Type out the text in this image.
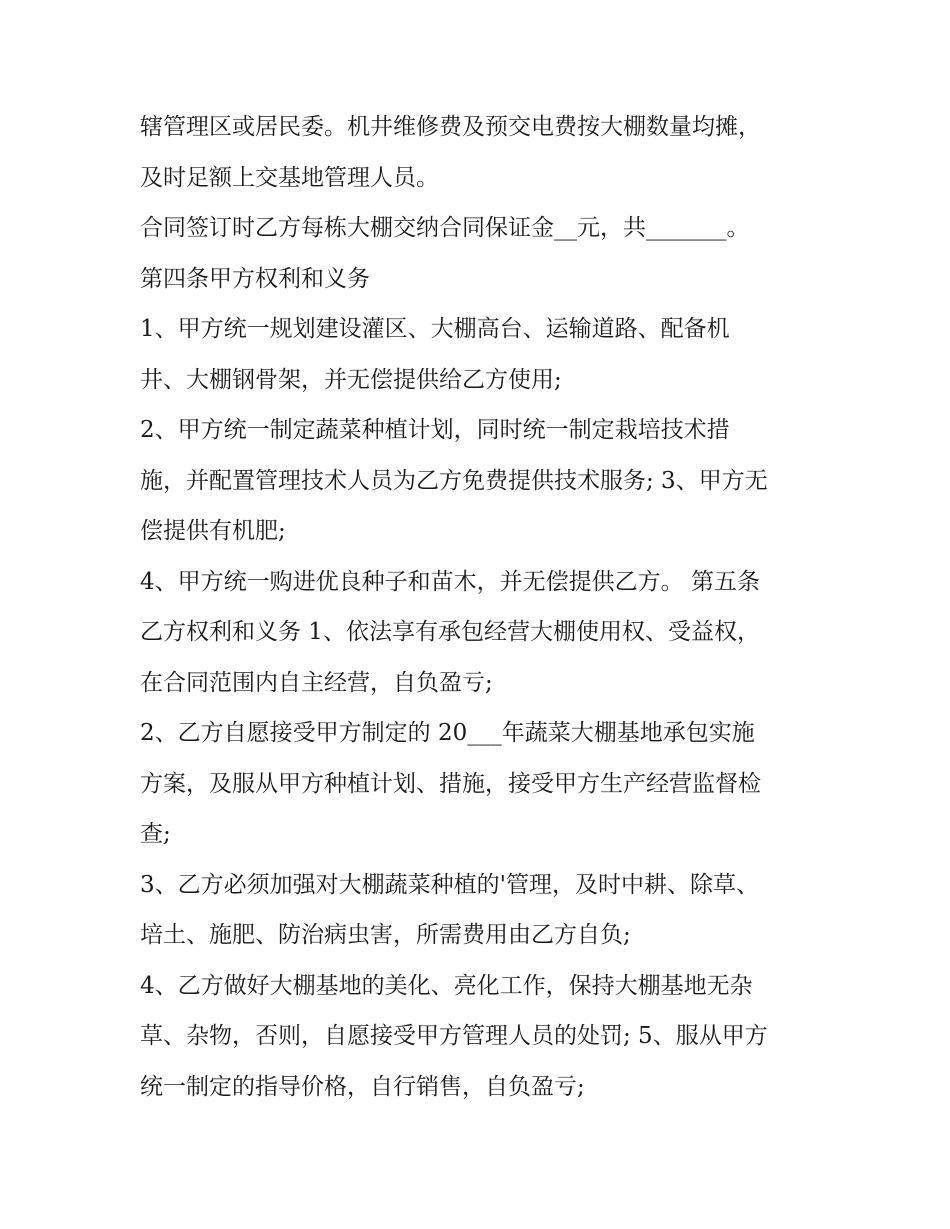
辖管理区或居民委。机井维修费及预交电费按大棚数量均摊，
及时足额上交基地管理人员。
合同签订时乙方每栋大棚交纳合同保证金__元，共_______。
第四条甲方权利和义务
1、甲方统一规划建设灌区、大棚高台、运输道路、配备机
井、大棚钢骨架，并无偿提供给乙方使用;
2、甲方统一制定蔬菜种植计划，同时统一制定栽培技术措
施，并配置管理技术人员为乙方免费提供技术服务; 3、甲方无
偿提供有机肥;
4、甲方统一购进优良种子和苗木，并无偿提供乙方。 第五条
乙方权利和义务 1、依法享有承包经营大棚使用权、受益权，
在合同范围内自主经营，自负盈亏;
2、乙方自愿接受甲方制定的 20___年蔬菜大棚基地承包实施
方案，及服从甲方种植计划、措施，接受甲方生产经营监督检
查;
3、乙方必须加强对大棚蔬菜种植的'管理，及时中耕、除草、
培土、施肥、防治病虫害，所需费用由乙方自负;
4、乙方做好大棚基地的美化、亮化工作，保持大棚基地无杂
草、杂物，否则，自愿接受甲方管理人员的处罚; 5、服从甲方
统一制定的指导价格，自行销售，自负盈亏;
